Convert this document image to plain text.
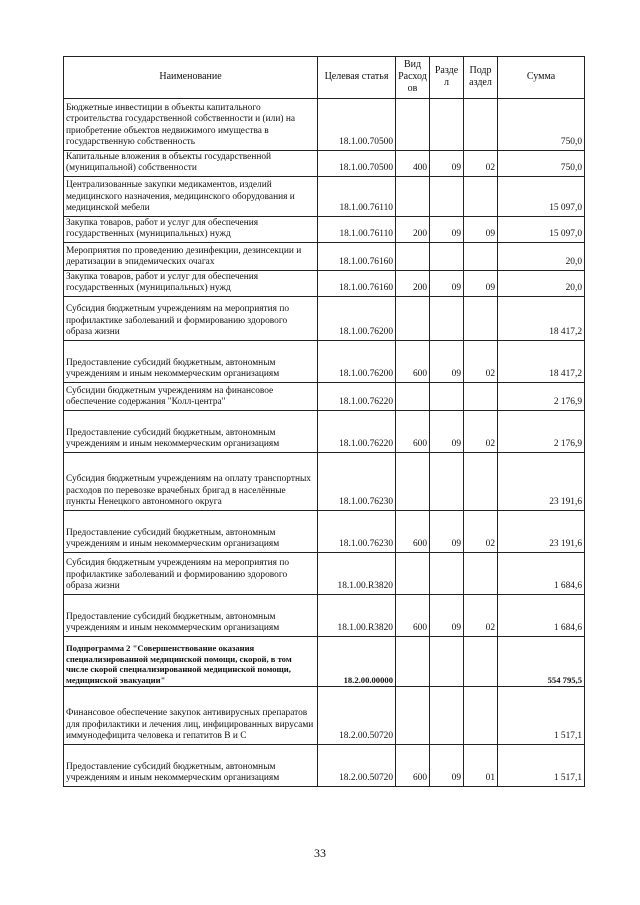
Наименование	Целевая статья	Вид Расход ов	Разде л	Подр аздел	Сумма
Бюджетные инвестиции в объекты капитального строительства государственной собственности и (или) на приобретение объектов недвижимого имущества в государственную собственность	18.1.00.70500				750,0
Капитальные вложения в объекты государственной (муниципальной) собственности	18.1.00.70500	400	09	02	750,0
Централизованные закупки медикаментов, изделий медицинского назначения, медицинского оборудования и медицинской мебели	18.1.00.76110				15 097,0
Закупка товаров, работ и услуг для обеспечения государственных (муниципальных) нужд	18.1.00.76110	200	09	09	15 097,0
Мероприятия по проведению дезинфекции, дезинсекции и дератизации в эпидемических очагах	18.1.00.76160				20,0
Закупка товаров, работ и услуг для обеспечения государственных (муниципальных) нужд	18.1.00.76160	200	09	09	20,0
Субсидия бюджетным учреждениям на мероприятия по профилактике заболеваний и формированию здорового образа жизни	18.1.00.76200				18 417,2
Предоставление субсидий бюджетным, автономным учреждениям и иным некоммерческим организациям	18.1.00.76200	600	09	02	18 417,2
Субсидии бюджетным учреждениям на финансовое обеспечение содержания "Колл-центра"	18.1.00.76220				2 176,9
Предоставление субсидий бюджетным, автономным учреждениям и иным некоммерческим организациям	18.1.00.76220	600	09	02	2 176,9
Субсидия бюджетным учреждениям на оплату транспортных расходов по перевозке врачебных бригад в населённые пункты Ненецкого автономного округа	18.1.00.76230				23 191,6
Предоставление субсидий бюджетным, автономным учреждениям и иным некоммерческим организациям	18.1.00.76230	600	09	02	23 191,6
Субсидия бюджетным учреждениям на мероприятия по профилактике заболеваний и формированию здорового образа жизни	18.1.00.R3820				1 684,6
Предоставление субсидий бюджетным, автономным учреждениям и иным некоммерческим организациям	18.1.00.R3820	600	09	02	1 684,6
Подпрограмма 2 "Совершенствование оказания специализированной медицинской помощи, скорой, в том числе скорой специализированной медицинской помощи, медицинской эвакуации"	18.2.00.00000				554 795,5
Финансовое обеспечение закупок антивирусных препаратов для профилактики и лечения лиц, инфицированных вирусами иммунодефицита человека и гепатитов В и С	18.2.00.50720				1 517,1
Предоставление субсидий бюджетным, автономным учреждениям и иным некоммерческим организациям	18.2.00.50720	600	09	01	1 517,1
33
